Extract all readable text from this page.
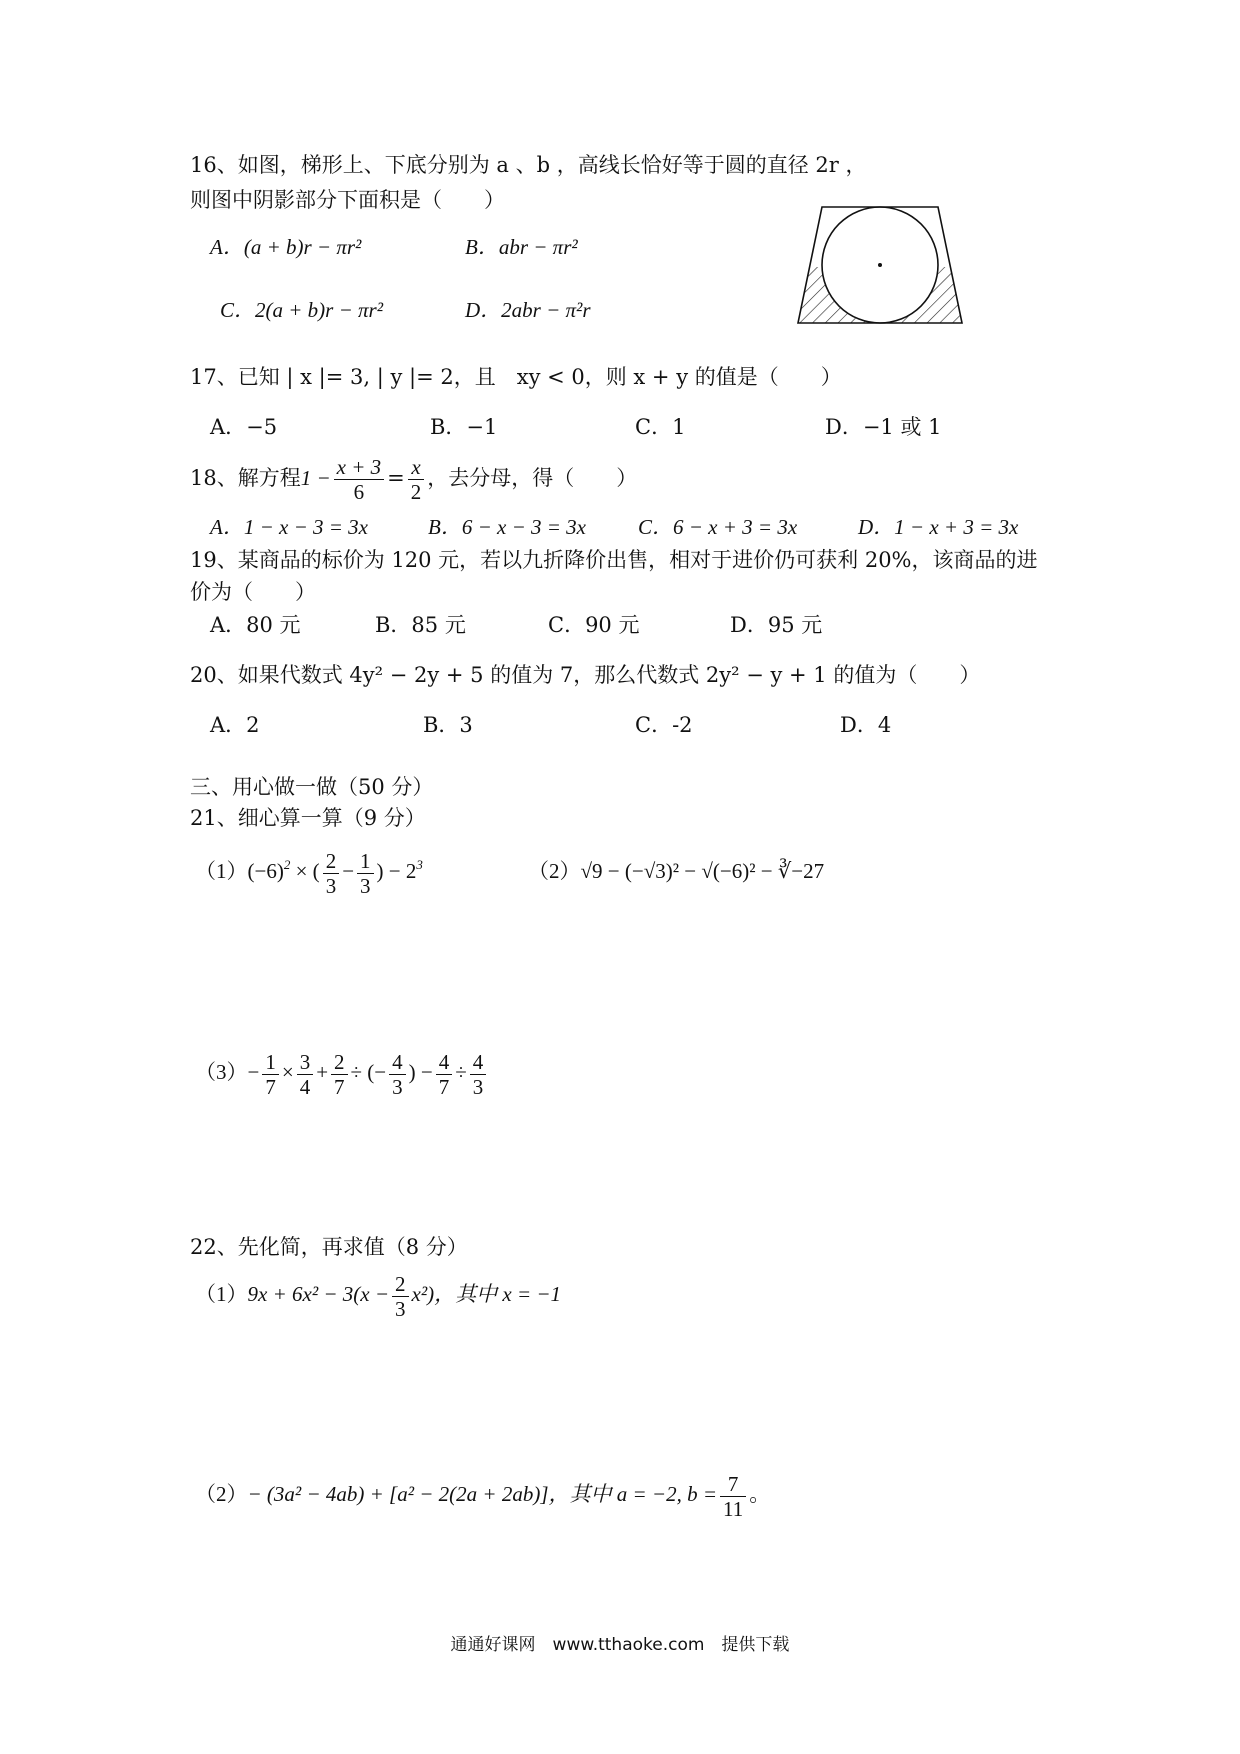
16、如图，梯形上、下底分别为 a 、b ，高线长恰好等于圆的直径 2r ，
则图中阴影部分下面积是（　　）
A．(a + b)r − πr²	B．abr − πr²
C．2(a + b)r − πr²	D．2abr − π²r
17、已知 | x |= 3, | y |= 2，且　xy < 0，则 x + y 的值是（　　）
A．−5	B．−1	C．1	D．−1 或 1
18、解方程$1 - \frac{x + 3}{6} = \frac{x}{2}$ ，去分母，得（　　）
A．1 − x − 3 = 3x	B．6 − x − 3 = 3x C．6 − x + 3 = 3x	D．1 − x + 3 = 3x
19、某商品的标价为 120 元，若以九折降价出售，相对于进价仍可获利 20%，该商品的进
价为（　　）
A．80 元	B．85 元	C．90 元	D．95 元
20、如果代数式 4y² − 2y + 5 的值为 7，那么代数式 2y² − y + 1 的值为（　　）
A．2	B．3	C．-2	D．4
三、用心做一做（50 分）
21、细心算一算（9 分）
$(1)(-6)^2$ × ( $\frac{2}{3} - \frac{1}{3}$ ) − $2^3$	（2）√9 − (−√3)² − √(−6)² − ∛−27
$(3)- \frac{1}{7} \times \frac{3}{4} + \frac{2}{7}$ ÷ (− $\frac{4}{3}$ ) − $\frac{4}{7} \div \frac{4}{3}$
22、先化简，再求值（8 分）
$(1)9x + 6x^2 - 3(x - \frac{2}{3} x^2)$，其中 x = −1
（2）− (3a² − 4ab) + [a² − 2(2a + 2ab)]，其中 a = −2, $b = \frac{7}{11}$ 。
通通好课网　www.tthaoke.com　提供下载
